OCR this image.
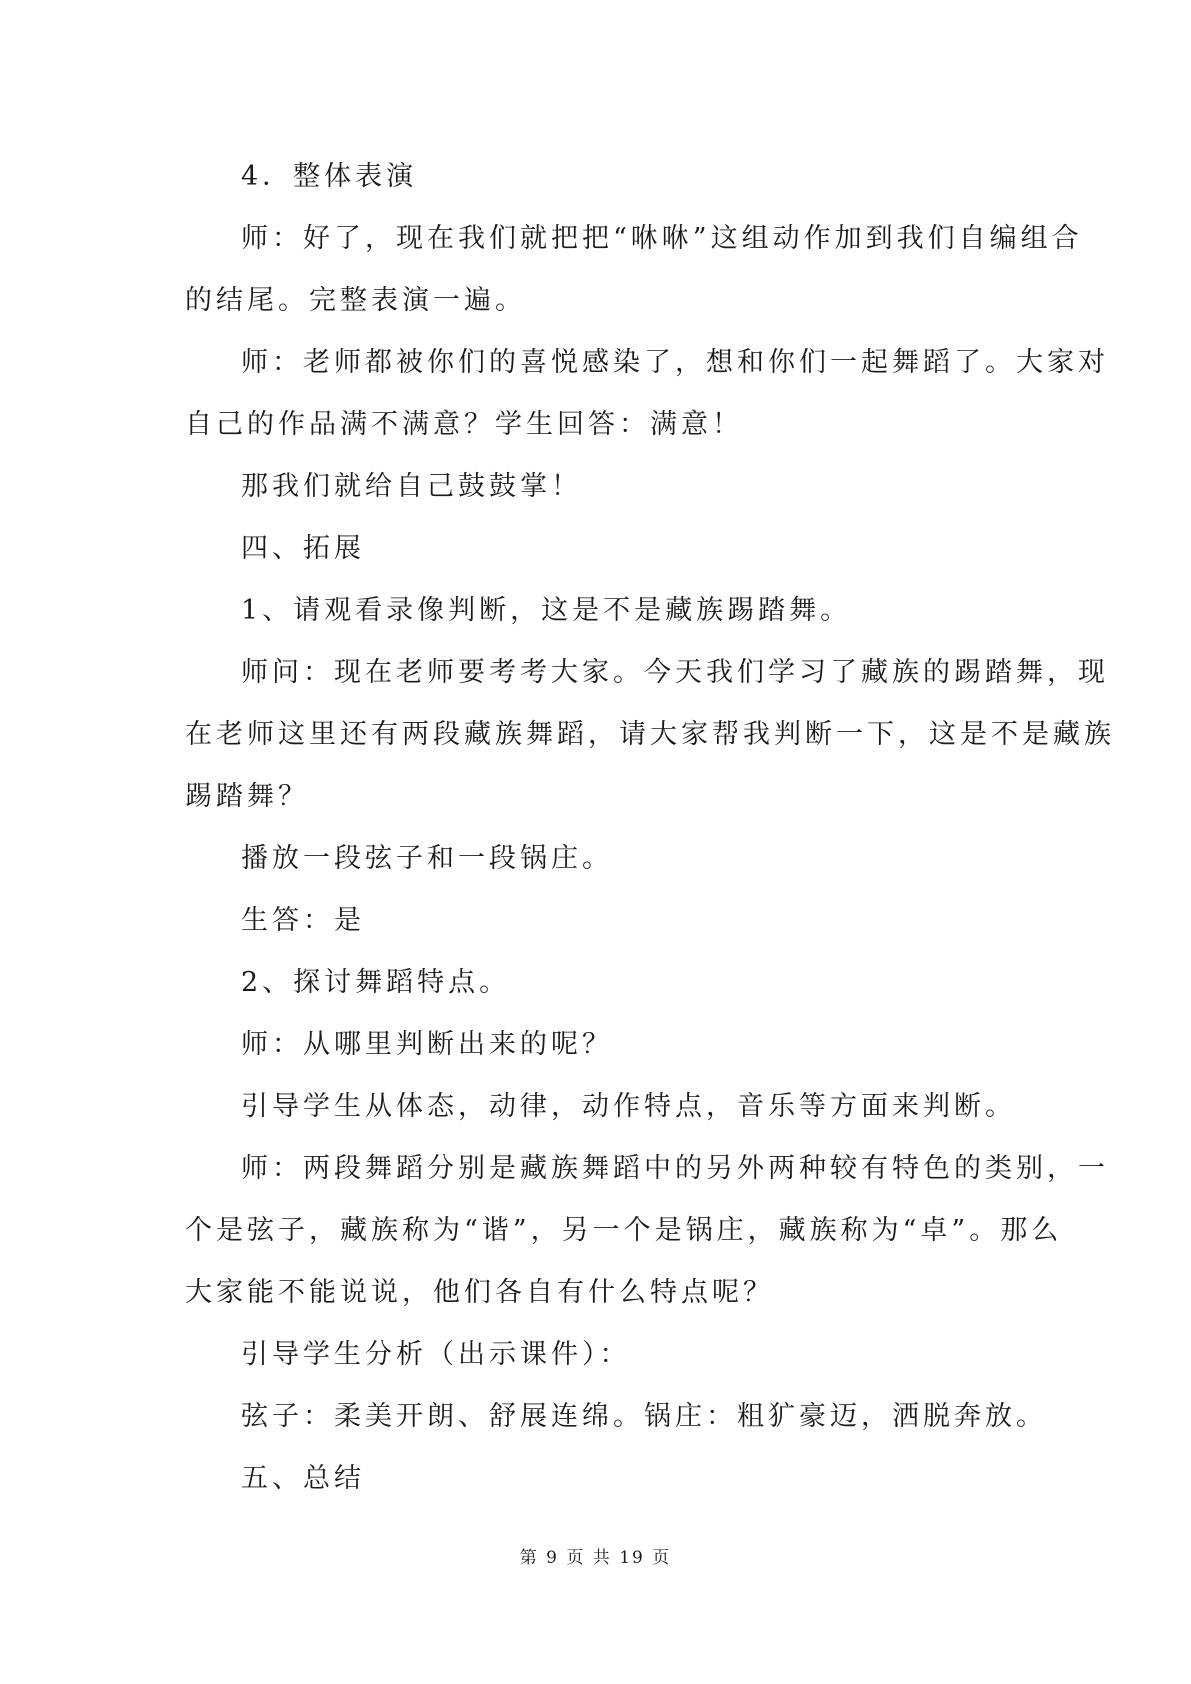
4．整体表演

师：好了，现在我们就把把“咻咻”这组动作加到我们自编组合

的结尾。完整表演一遍。

师：老师都被你们的喜悦感染了，想和你们一起舞蹈了。大家对

自己的作品满不满意？学生回答：满意！

那我们就给自己鼓鼓掌！

四、拓展

1、请观看录像判断，这是不是藏族踢踏舞。

师问：现在老师要考考大家。今天我们学习了藏族的踢踏舞，现

在老师这里还有两段藏族舞蹈，请大家帮我判断一下，这是不是藏族

踢踏舞？

播放一段弦子和一段锅庄。

生答：是

2、探讨舞蹈特点。

师：从哪里判断出来的呢？

引导学生从体态，动律，动作特点，音乐等方面来判断。

师：两段舞蹈分别是藏族舞蹈中的另外两种较有特色的类别，一

个是弦子，藏族称为“谐”，另一个是锅庄，藏族称为“卓”。那么

大家能不能说说，他们各自有什么特点呢？

引导学生分析（出示课件）：

弦子：柔美开朗、舒展连绵。锅庄：粗犷豪迈，洒脱奔放。

五、总结

第 9 页 共 19 页
